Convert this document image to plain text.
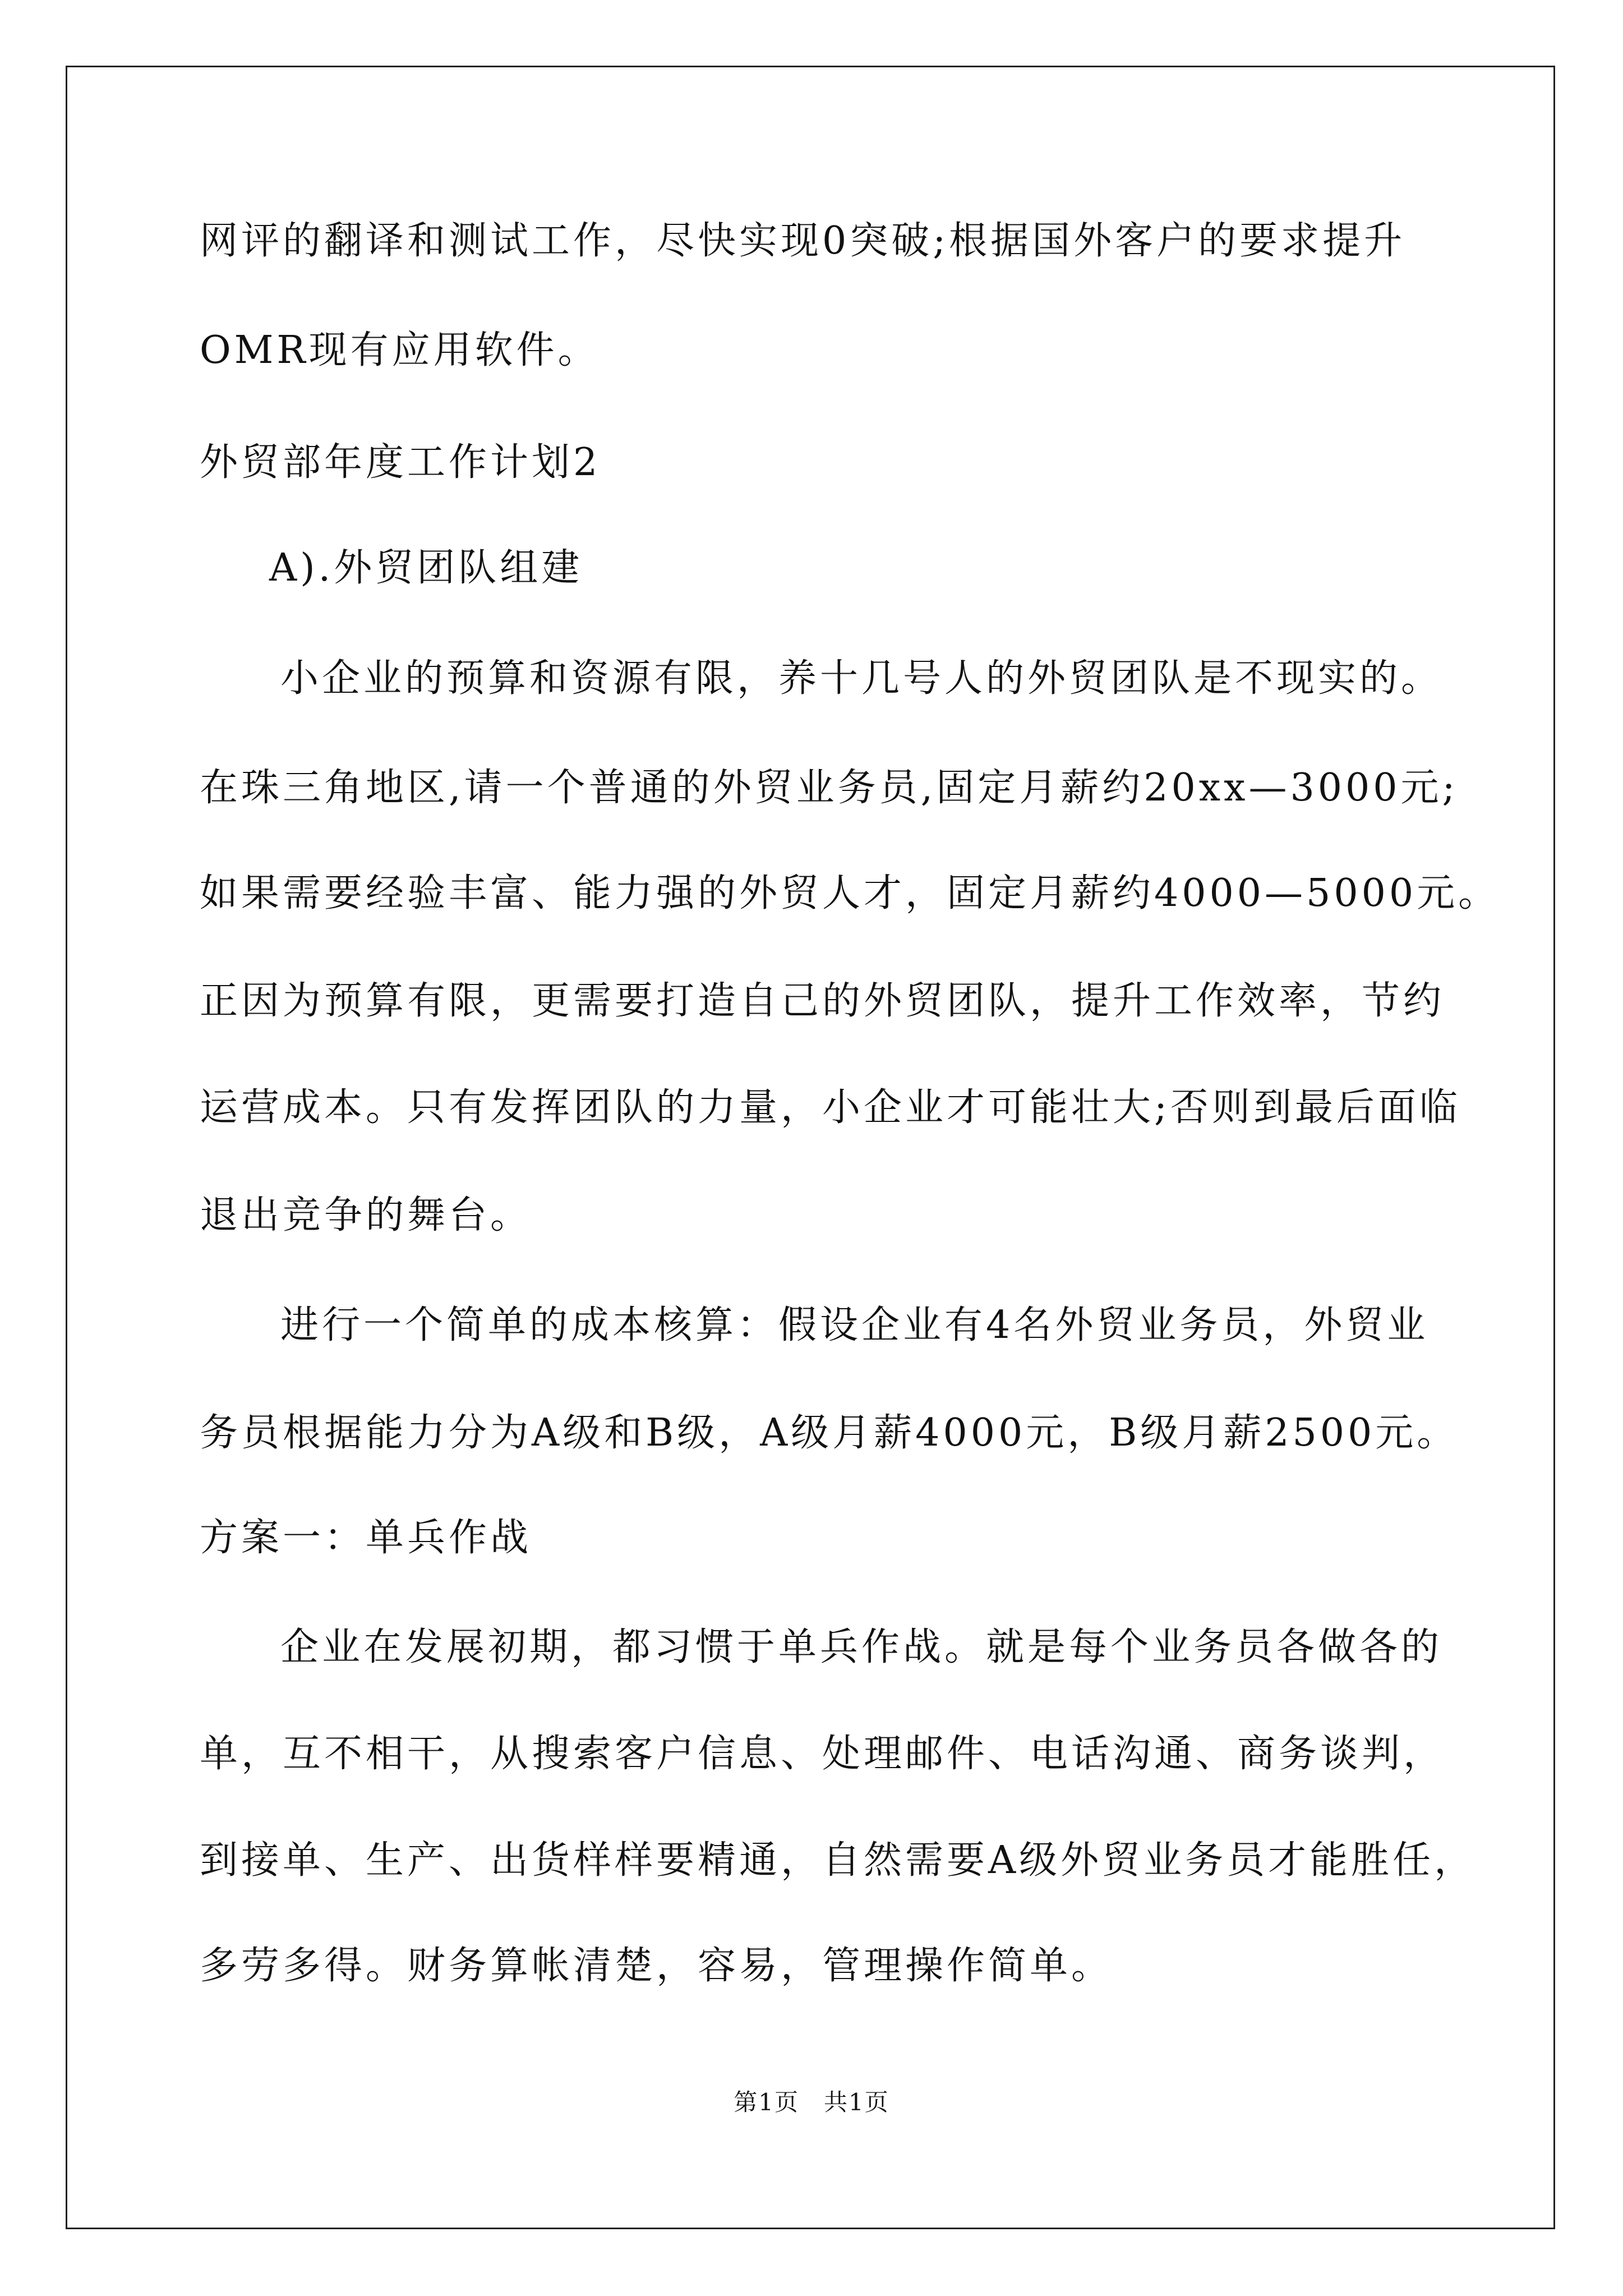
网评的翻译和测试工作，尽快实现0突破;根据国外客户的要求提升

OMR现有应用软件。

外贸部年度工作计划2

A).外贸团队组建

小企业的预算和资源有限，养十几号人的外贸团队是不现实的。

在珠三角地区,请一个普通的外贸业务员,固定月薪约20xx—3000元;

如果需要经验丰富、能力强的外贸人才，固定月薪约4000—5000元。

正因为预算有限，更需要打造自己的外贸团队，提升工作效率，节约

运营成本。只有发挥团队的力量，小企业才可能壮大;否则到最后面临

退出竞争的舞台。

进行一个简单的成本核算：假设企业有4名外贸业务员，外贸业

务员根据能力分为A级和B级，A级月薪4000元，B级月薪2500元。

方案一：单兵作战

企业在发展初期，都习惯于单兵作战。就是每个业务员各做各的

单，互不相干，从搜索客户信息、处理邮件、电话沟通、商务谈判，

到接单、生产、出货样样要精通，自然需要A级外贸业务员才能胜任，

多劳多得。财务算帐清楚，容易，管理操作简单。

第1页　共1页
